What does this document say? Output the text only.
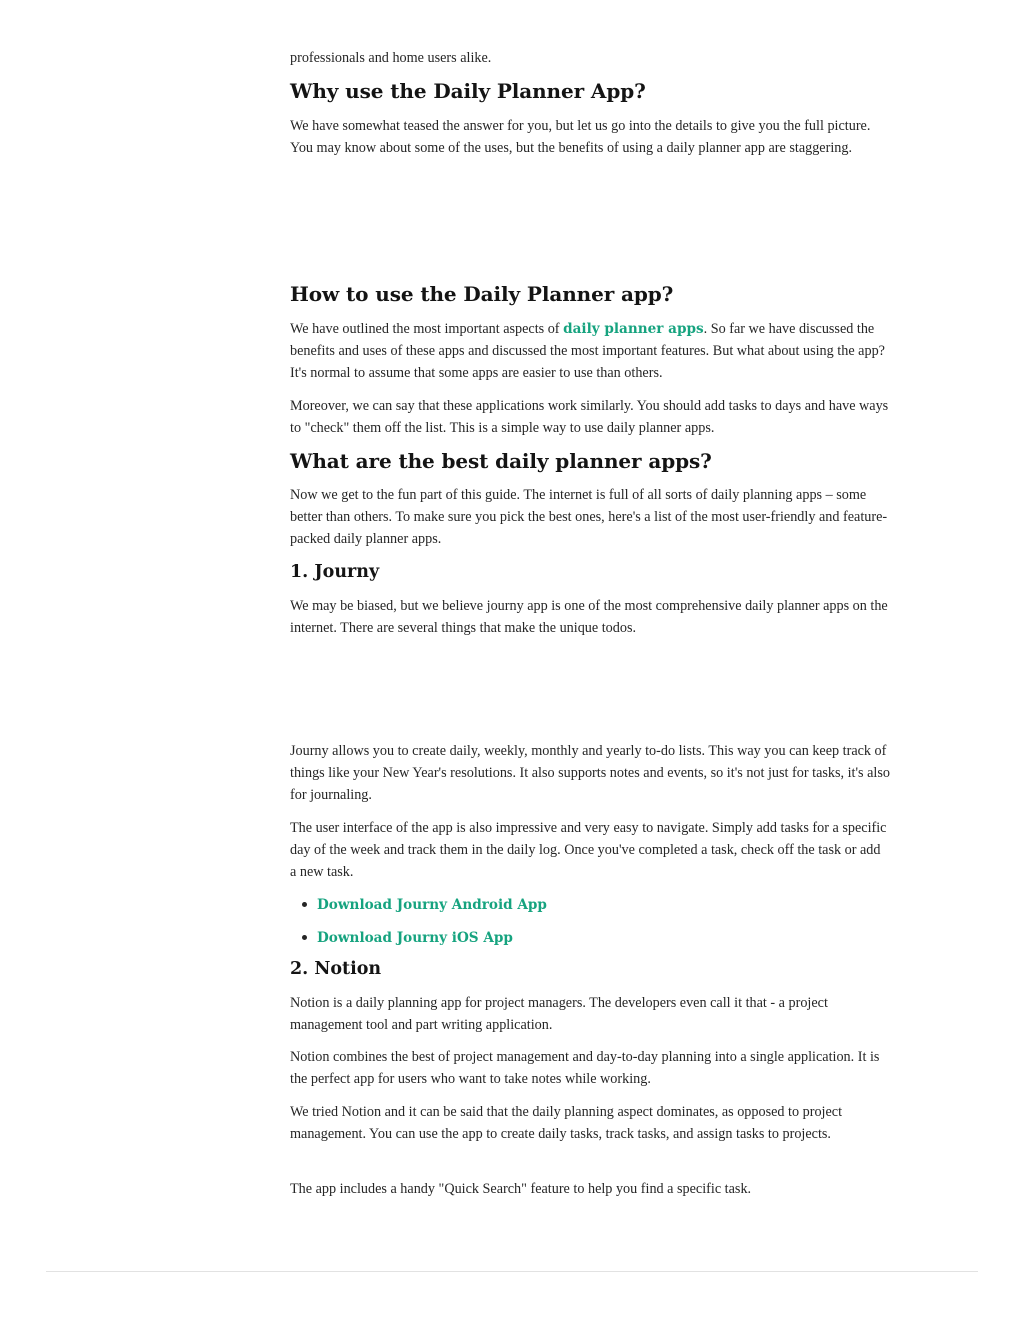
professionals and home users alike.

Why use the Daily Planner App?

We have somewhat teased the answer for you, but let us go into the details to give you the full picture. You may know about some of the uses, but the benefits of using a daily planner app are staggering.

How to use the Daily Planner app?

We have outlined the most important aspects of daily planner apps. So far we have discussed the benefits and uses of these apps and discussed the most important features. But what about using the app? It's normal to assume that some apps are easier to use than others.

Moreover, we can say that these applications work similarly. You should add tasks to days and have ways to "check" them off the list. This is a simple way to use daily planner apps.

What are the best daily planner apps?

Now we get to the fun part of this guide. The internet is full of all sorts of daily planning apps – some better than others. To make sure you pick the best ones, here's a list of the most user-friendly and feature-packed daily planner apps.

1. Journy

We may be biased, but we believe journy app is one of the most comprehensive daily planner apps on the internet. There are several things that make the unique todos.

Journy allows you to create daily, weekly, monthly and yearly to-do lists. This way you can keep track of things like your New Year's resolutions. It also supports notes and events, so it's not just for tasks, it's also for journaling.

The user interface of the app is also impressive and very easy to navigate. Simply add tasks for a specific day of the week and track them in the daily log. Once you've completed a task, check off the task or add a new task.

Download Journy Android App
Download Journy iOS App
2. Notion

Notion is a daily planning app for project managers. The developers even call it that - a project management tool and part writing application.

Notion combines the best of project management and day-to-day planning into a single application. It is the perfect app for users who want to take notes while working.

We tried Notion and it can be said that the daily planning aspect dominates, as opposed to project management. You can use the app to create daily tasks, track tasks, and assign tasks to projects.

The app includes a handy "Quick Search" feature to help you find a specific task.
